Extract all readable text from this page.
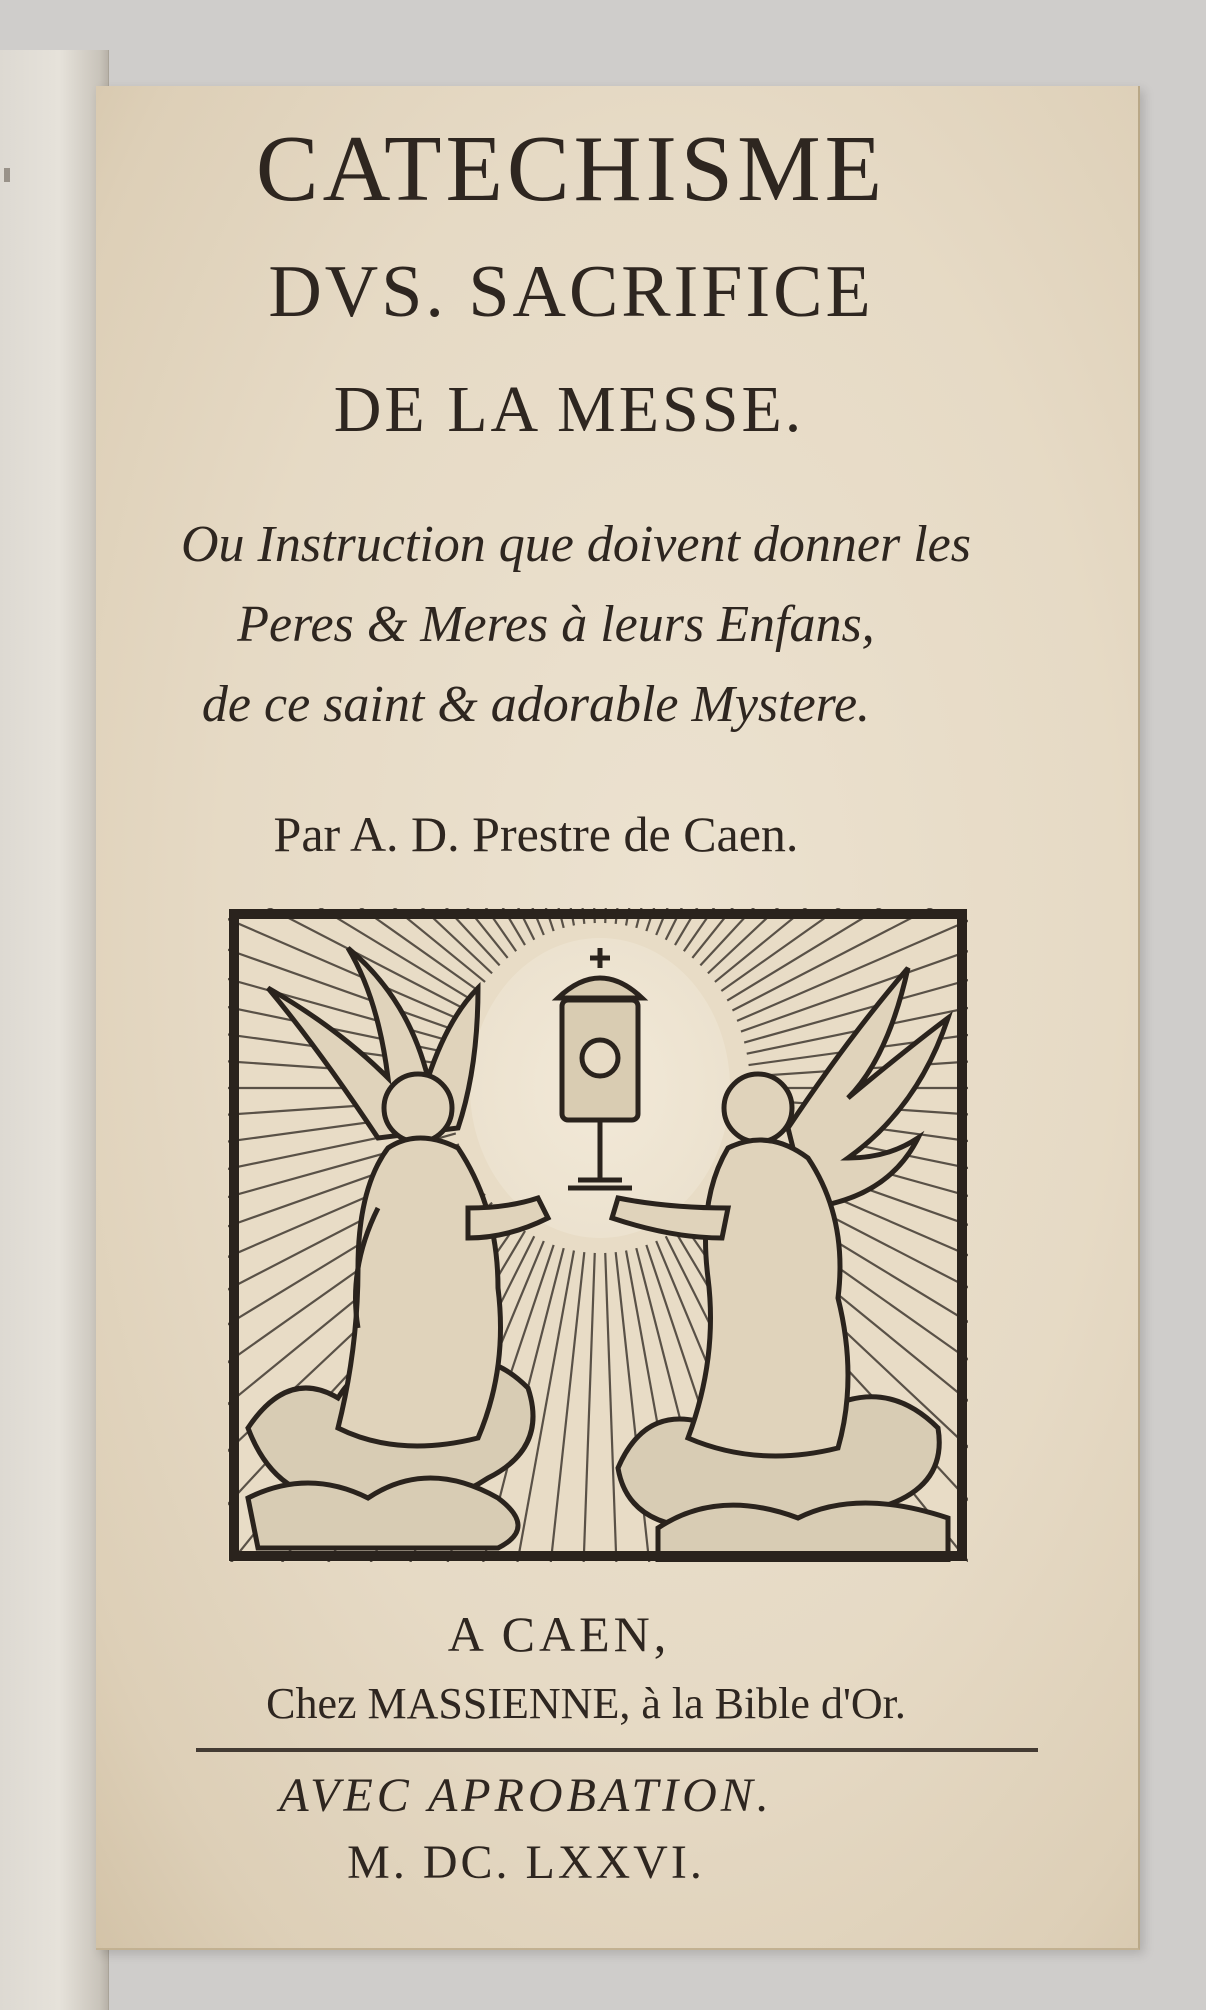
CATECHISME
DVS. SACRIFICE
DE LA MESSE.
Ou Instruction que doivent donner les
Peres & Meres à leurs Enfans,
de ce saint & adorable Mystere.
Par A. D. Prestre de Caen.
A CAEN,
Chez MASSIENNE, à la Bible d'Or.
AVEC APROBATION.
M. DC. LXXVI.
